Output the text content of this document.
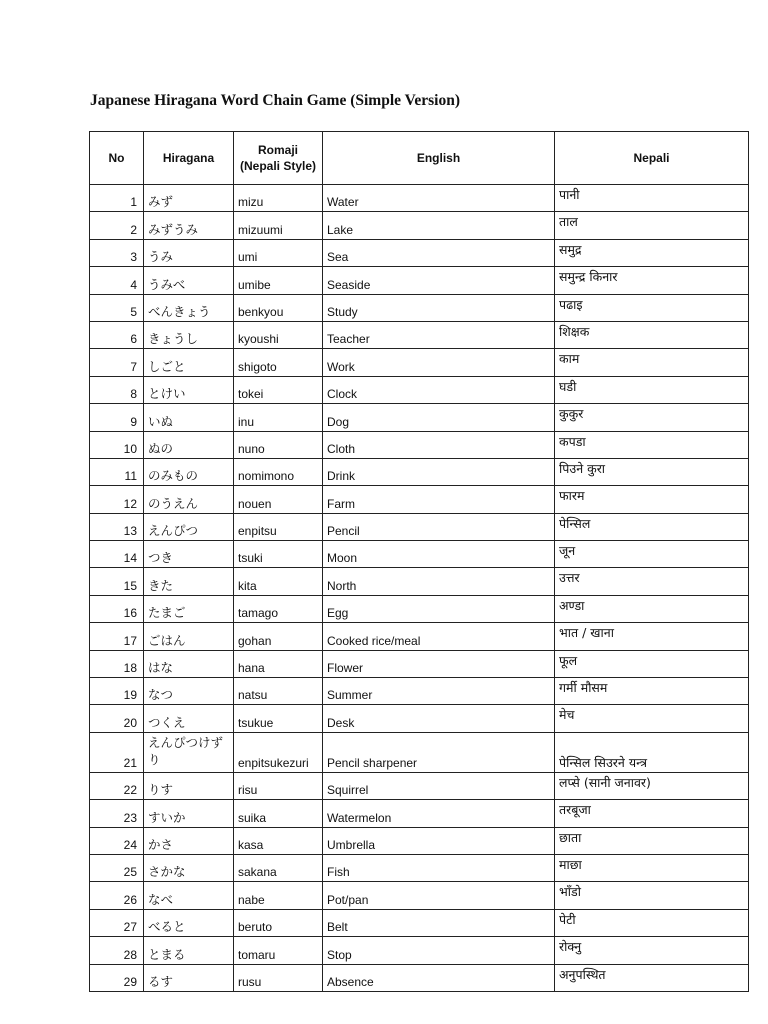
Japanese Hiragana Word Chain Game (Simple Version)
No	Hiragana	Romaji (Nepali Style)	English	Nepali
1	みず	mizu	Water	पानी
2	みずうみ	mizuumi	Lake	ताल
3	うみ	umi	Sea	समुद्र
4	うみべ	umibe	Seaside	समुन्द्र किनार
5	べんきょう	benkyou	Study	पढाइ
6	きょうし	kyoushi	Teacher	शिक्षक
7	しごと	shigoto	Work	काम
8	とけい	tokei	Clock	घडी
9	いぬ	inu	Dog	कुकुर
10	ぬの	nuno	Cloth	कपडा
11	のみもの	nomimono	Drink	पिउने कुरा
12	のうえん	nouen	Farm	फारम
13	えんぴつ	enpitsu	Pencil	पेन्सिल
14	つき	tsuki	Moon	जून
15	きた	kita	North	उत्तर
16	たまご	tamago	Egg	अण्डा
17	ごはん	gohan	Cooked rice/meal	भात / खाना
18	はな	hana	Flower	फूल
19	なつ	natsu	Summer	गर्मी मौसम
20	つくえ	tsukue	Desk	मेच
21	えんぴつけずり	enpitsukezuri	Pencil sharpener	पेन्सिल सिउरने यन्त्र
22	りす	risu	Squirrel	लप्से (सानी जनावर)
23	すいか	suika	Watermelon	तरबूजा
24	かさ	kasa	Umbrella	छाता
25	さかな	sakana	Fish	माछा
26	なべ	nabe	Pot/pan	भाँडो
27	べると	beruto	Belt	पेटी
28	とまる	tomaru	Stop	रोक्नु
29	るす	rusu	Absence	अनुपस्थित
